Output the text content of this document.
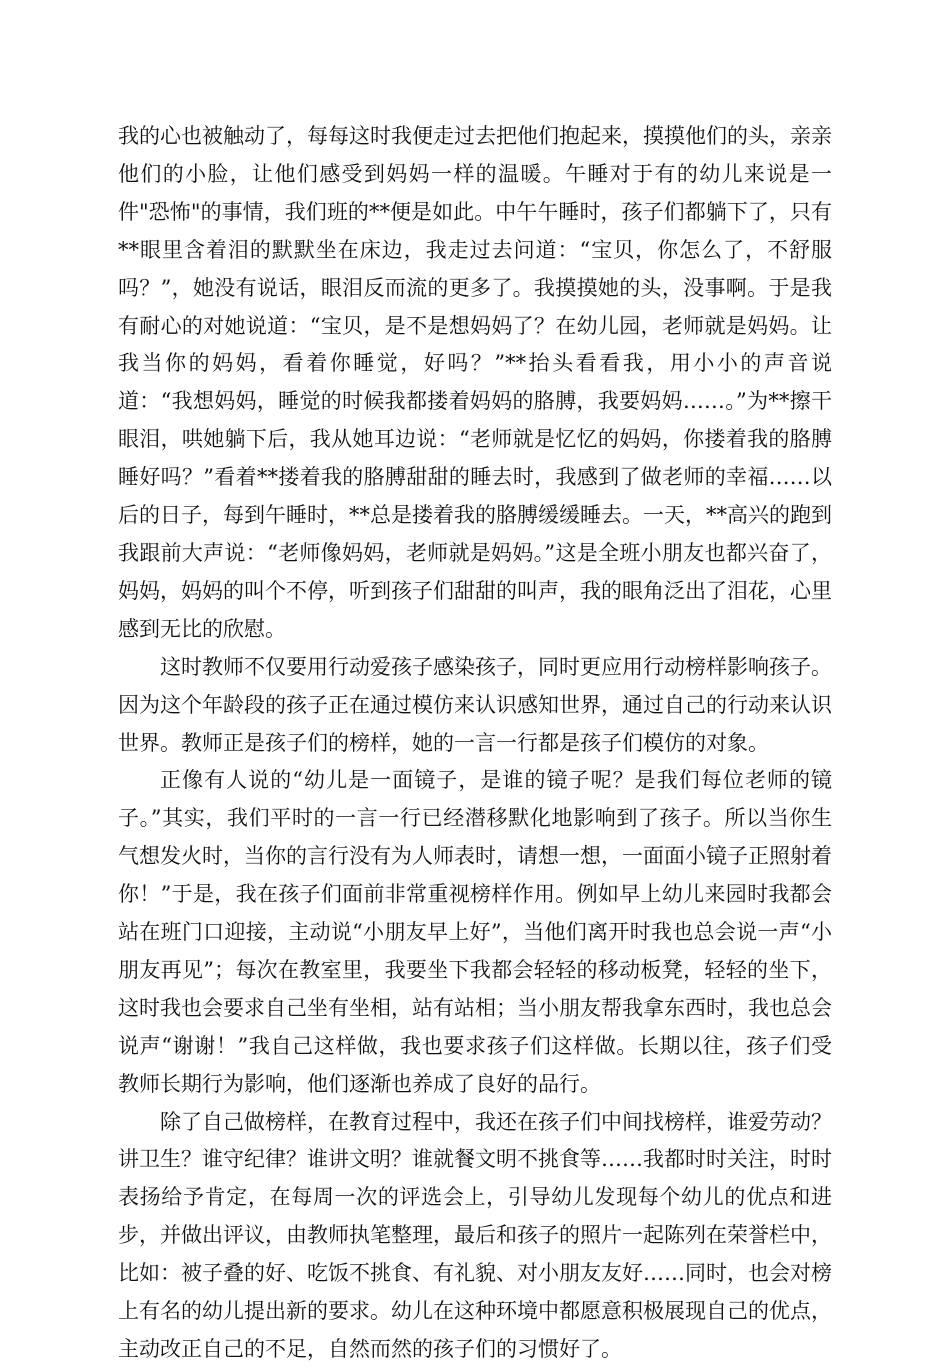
我的心也被触动了，每每这时我便走过去把他们抱起来，摸摸他们的头，亲亲他们的小脸，让他们感受到妈妈一样的温暖。午睡对于有的幼儿来说是一件"恐怖"的事情，我们班的**便是如此。中午午睡时，孩子们都躺下了，只有**眼里含着泪的默默坐在床边，我走过去问道：“宝贝，你怎么了，不舒服吗？”，她没有说话，眼泪反而流的更多了。我摸摸她的头，没事啊。于是我有耐心的对她说道：“宝贝，是不是想妈妈了？在幼儿园，老师就是妈妈。让我当你的妈妈，看着你睡觉，好吗？”**抬头看看我，用小小的声音说道：“我想妈妈，睡觉的时候我都搂着妈妈的胳膊，我要妈妈……。”为**擦干眼泪，哄她躺下后，我从她耳边说：“老师就是忆忆的妈妈，你搂着我的胳膊睡好吗？”看着**搂着我的胳膊甜甜的睡去时，我感到了做老师的幸福……以后的日子，每到午睡时，**总是搂着我的胳膊缓缓睡去。一天，**高兴的跑到我跟前大声说：“老师像妈妈，老师就是妈妈。”这是全班小朋友也都兴奋了，妈妈，妈妈的叫个不停，听到孩子们甜甜的叫声，我的眼角泛出了泪花，心里感到无比的欣慰。

这时教师不仅要用行动爱孩子感染孩子，同时更应用行动榜样影响孩子。因为这个年龄段的孩子正在通过模仿来认识感知世界，通过自己的行动来认识世界。教师正是孩子们的榜样，她的一言一行都是孩子们模仿的对象。

正像有人说的“幼儿是一面镜子，是谁的镜子呢？是我们每位老师的镜子。”其实，我们平时的一言一行已经潜移默化地影响到了孩子。所以当你生气想发火时，当你的言行没有为人师表时，请想一想，一面面小镜子正照射着你！”于是，我在孩子们面前非常重视榜样作用。例如早上幼儿来园时我都会站在班门口迎接，主动说“小朋友早上好”，当他们离开时我也总会说一声“小朋友再见”；每次在教室里，我要坐下我都会轻轻的移动板凳，轻轻的坐下，这时我也会要求自己坐有坐相，站有站相；当小朋友帮我拿东西时，我也总会说声“谢谢！”我自己这样做，我也要求孩子们这样做。长期以往，孩子们受教师长期行为影响，他们逐渐也养成了良好的品行。

除了自己做榜样，在教育过程中，我还在孩子们中间找榜样，谁爱劳动？讲卫生？谁守纪律？谁讲文明？谁就餐文明不挑食等……我都时时关注，时时表扬给予肯定，在每周一次的评选会上，引导幼儿发现每个幼儿的优点和进步，并做出评议，由教师执笔整理，最后和孩子的照片一起陈列在荣誉栏中，比如：被子叠的好、吃饭不挑食、有礼貌、对小朋友友好……同时，也会对榜上有名的幼儿提出新的要求。幼儿在这种环境中都愿意积极展现自己的优点，主动改正自己的不足，自然而然的孩子们的习惯好了。
